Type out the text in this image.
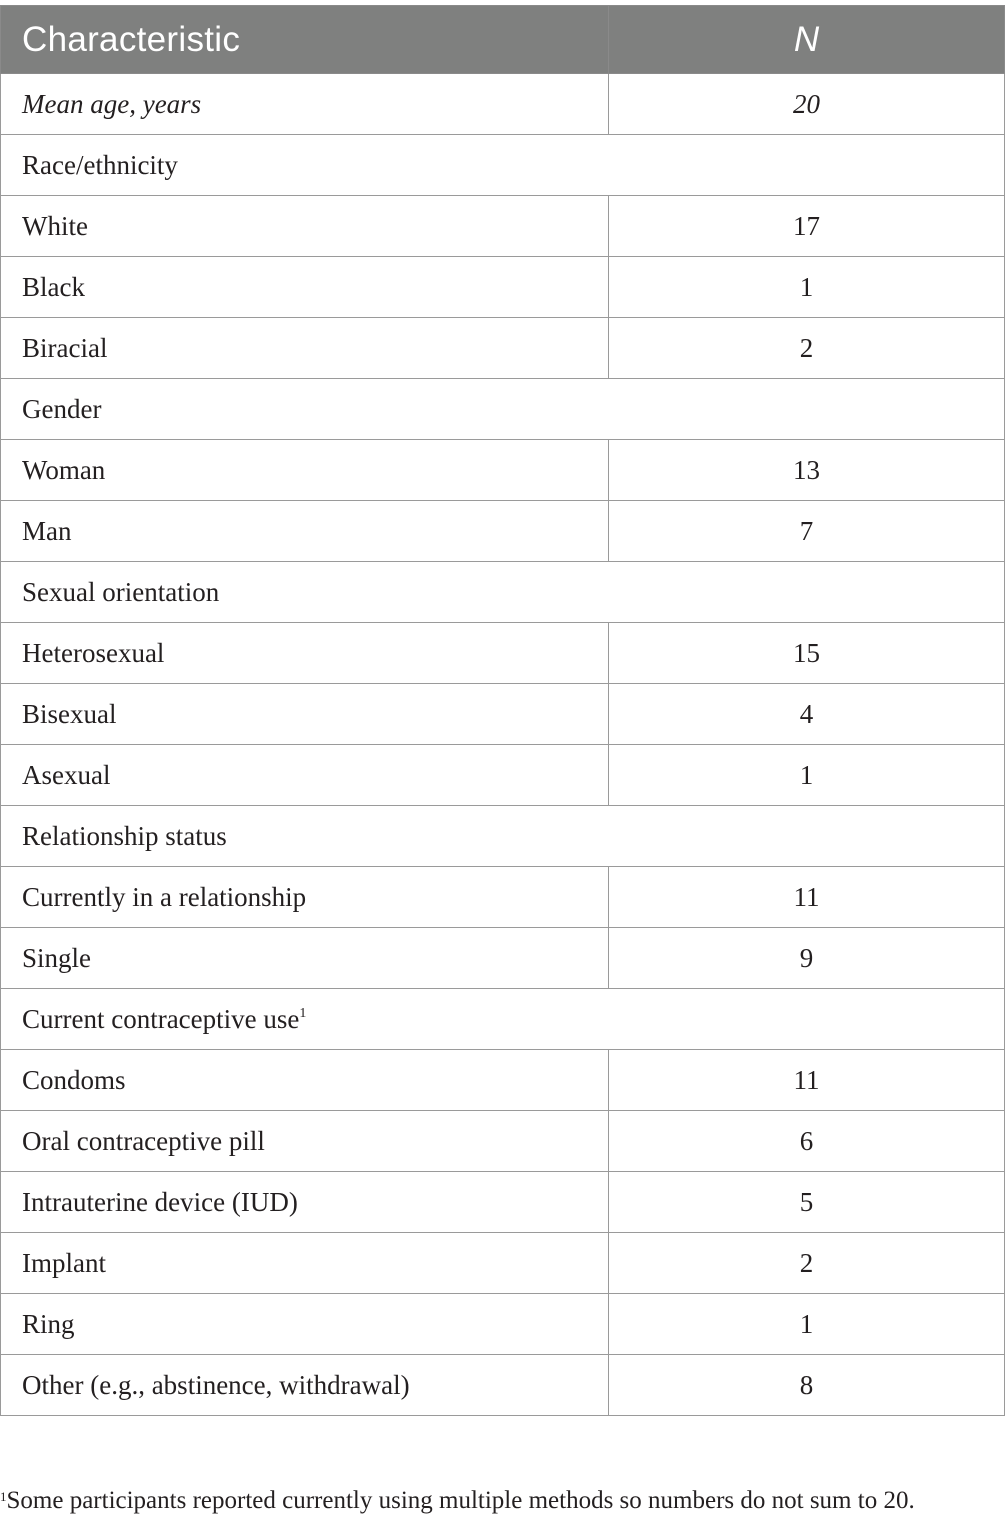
Characteristic	N
Mean age, years	20
Race/ethnicity	
White	17
Black	1
Biracial	2
Gender	
Woman	13
Man	7
Sexual orientation	
Heterosexual	15
Bisexual	4
Asexual	1
Relationship status	
Currently in a relationship	11
Single	9
Current contraceptive use$^1$
Condoms	11
Oral contraceptive pill	6
Intrauterine device (IUD)	5
Implant	2
Ring	1
Other (e.g., abstinence, withdrawal)	8
$^1$Some participants reported currently using multiple methods so numbers do not sum to 20.
